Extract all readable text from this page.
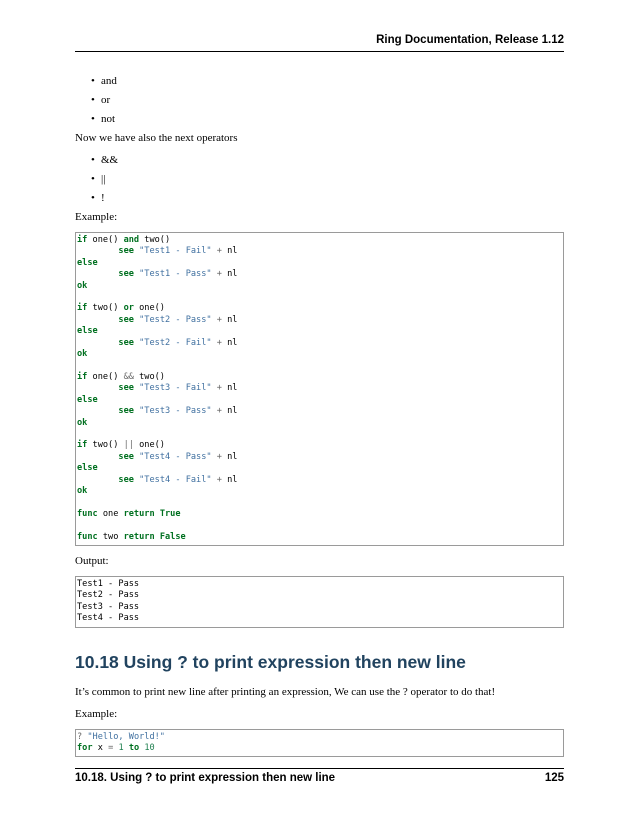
Ring Documentation, Release 1.12
• and
• or
• not

Now we have also the next operators

• &&
• ||
• !

Example:

if one() and two()
see "Test1 - Fail" + nl
else
see "Test1 - Pass" + nl
ok

if two() or one()
see "Test2 - Pass" + nl
else
see "Test2 - Fail" + nl
ok

if one() && two()
see "Test3 - Fail" + nl
else
see "Test3 - Pass" + nl
ok

if two() || one()
see "Test4 - Pass" + nl
else
see "Test4 - Fail" + nl
ok

func one return True

func two return False

Output:

Test1 - Pass
Test2 - Pass
Test3 - Pass
Test4 - Pass
10.18 Using ? to print expression then new line

It’s common to print new line after printing an expression, We can use the ? operator to do that!

Example:

? "Hello, World!"
for x = 1 to 10
10.18. Using ? to print expression then new line	125
